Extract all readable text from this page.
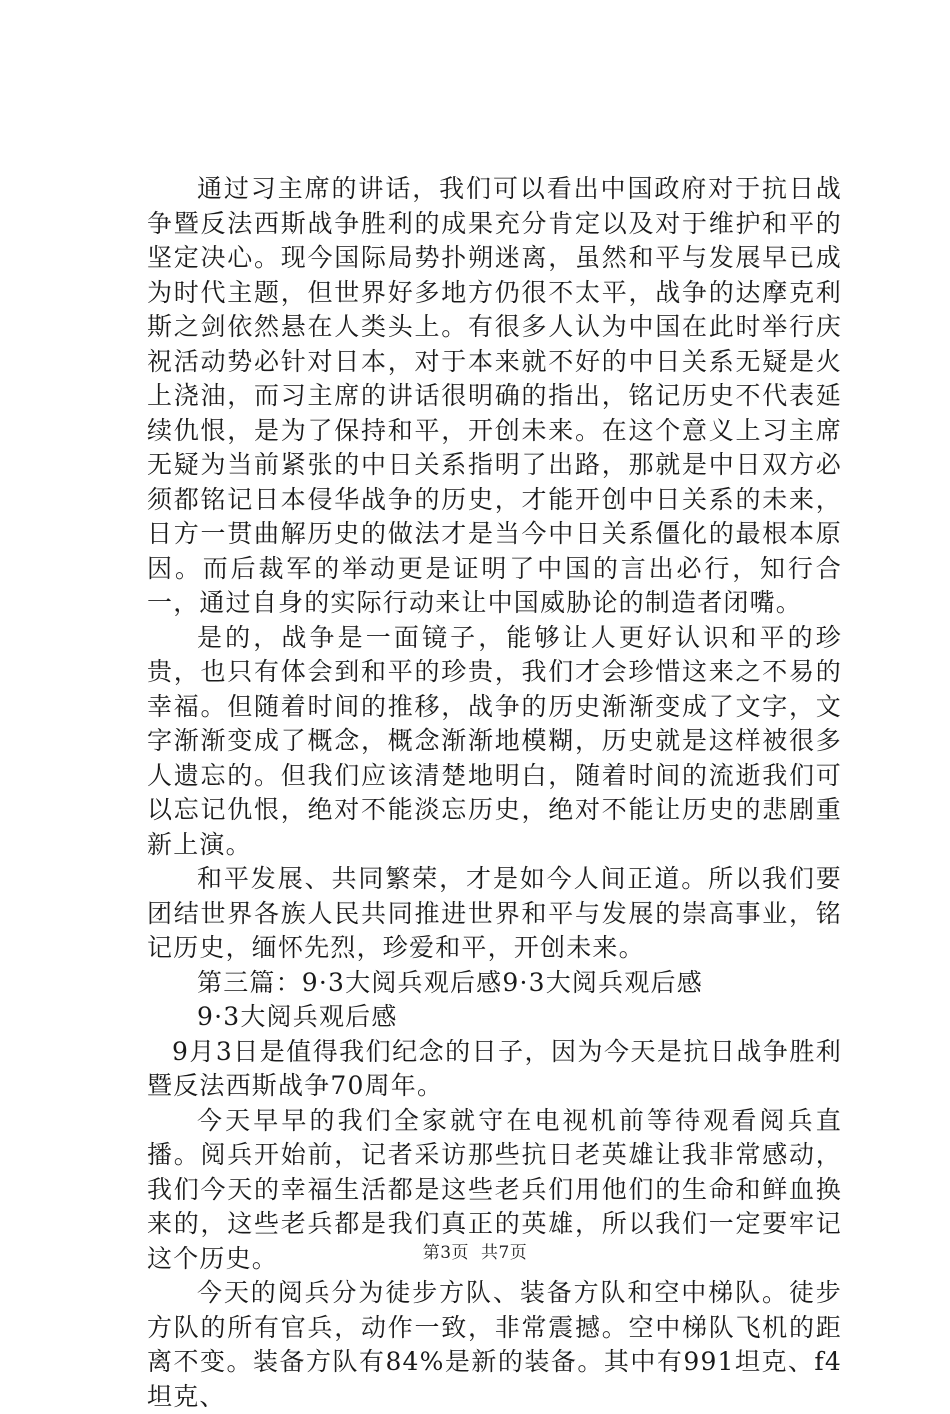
通过习主席的讲话，我们可以看出中国政府对于抗日战争暨反法西斯战争胜利的成果充分肯定以及对于维护和平的坚定决心。现今国际局势扑朔迷离，虽然和平与发展早已成为时代主题，但世界好多地方仍很不太平，战争的达摩克利斯之剑依然悬在人类头上。有很多人认为中国在此时举行庆祝活动势必针对日本，对于本来就不好的中日关系无疑是火上浇油，而习主席的讲话很明确的指出，铭记历史不代表延续仇恨，是为了保持和平，开创未来。在这个意义上习主席无疑为当前紧张的中日关系指明了出路，那就是中日双方必须都铭记日本侵华战争的历史，才能开创中日关系的未来，日方一贯曲解历史的做法才是当今中日关系僵化的最根本原因。而后裁军的举动更是证明了中国的言出必行，知行合一，通过自身的实际行动来让中国威胁论的制造者闭嘴。

是的，战争是一面镜子，能够让人更好认识和平的珍贵，也只有体会到和平的珍贵，我们才会珍惜这来之不易的幸福。但随着时间的推移，战争的历史渐渐变成了文字，文字渐渐变成了概念，概念渐渐地模糊，历史就是这样被很多人遗忘的。但我们应该清楚地明白，随着时间的流逝我们可以忘记仇恨，绝对不能淡忘历史，绝对不能让历史的悲剧重新上演。

和平发展、共同繁荣，才是如今人间正道。所以我们要团结世界各族人民共同推进世界和平与发展的崇高事业，铭记历史，缅怀先烈，珍爱和平，开创未来。

第三篇：9·3大阅兵观后感9·3大阅兵观后感

9·3大阅兵观后感

9月3日是值得我们纪念的日子，因为今天是抗日战争胜利暨反法西斯战争70周年。

今天早早的我们全家就守在电视机前等待观看阅兵直播。阅兵开始前，记者采访那些抗日老英雄让我非常感动，我们今天的幸福生活都是这些老兵们用他们的生命和鲜血换来的，这些老兵都是我们真正的英雄，所以我们一定要牢记这个历史。

今天的阅兵分为徒步方队、装备方队和空中梯队。徒步方队的所有官兵，动作一致，非常震撼。空中梯队飞机的距离不变。装备方队有84%是新的装备。其中有991坦克、f4坦克、

第3页 共7页
